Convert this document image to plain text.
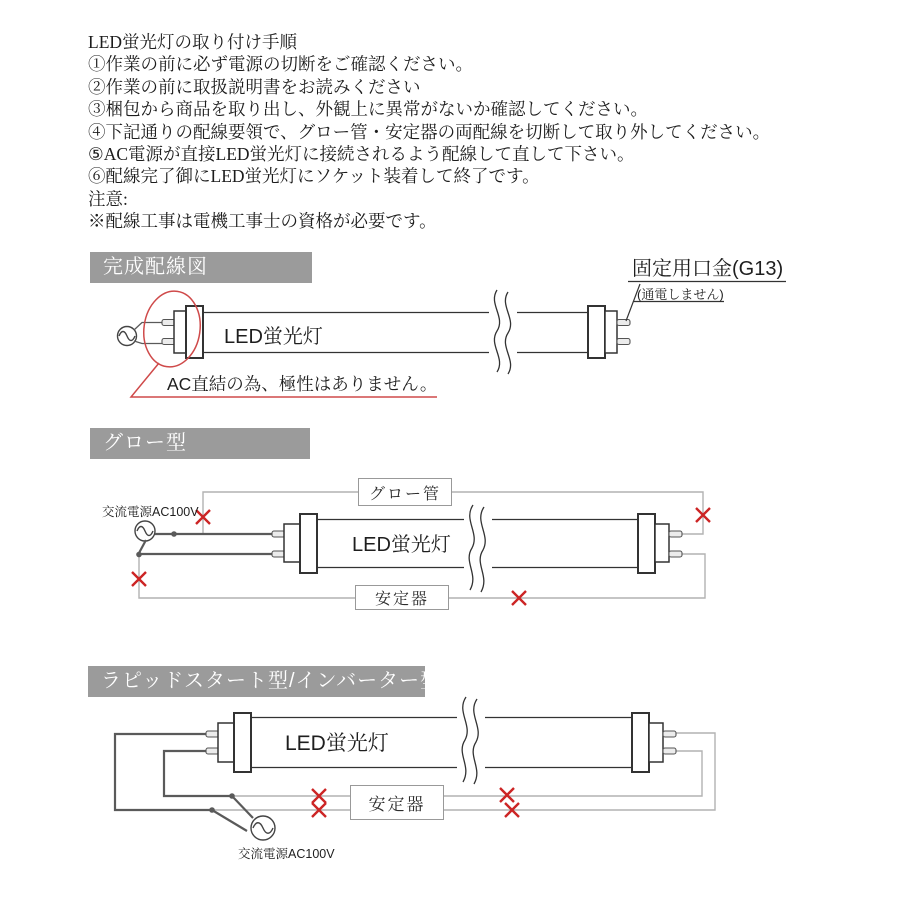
LED蛍光灯の取り付け手順
①作業の前に必ず電源の切断をご確認ください。
②作業の前に取扱説明書をお読みください
③梱包から商品を取り出し、外観上に異常がないか確認してください。
④下記通りの配線要領で、グロー管・安定器の両配線を切断して取り外してください。
⑤AC電源が直接LED蛍光灯に接続されるよう配線して直して下さい。
⑥配線完了御にLED蛍光灯にソケット装着して終了です。
注意:
※配線工事は電機工事士の資格が必要です。
完成配線図
グロー型
ラピッドスタート型/インバーター型
LED蛍光灯
固定用口金(G13)
(通電しません)
AC直結の為、極性はありません。
交流電源AC100V
LED蛍光灯
LED蛍光灯
交流電源AC100V
グロー管
安定器
安定器
